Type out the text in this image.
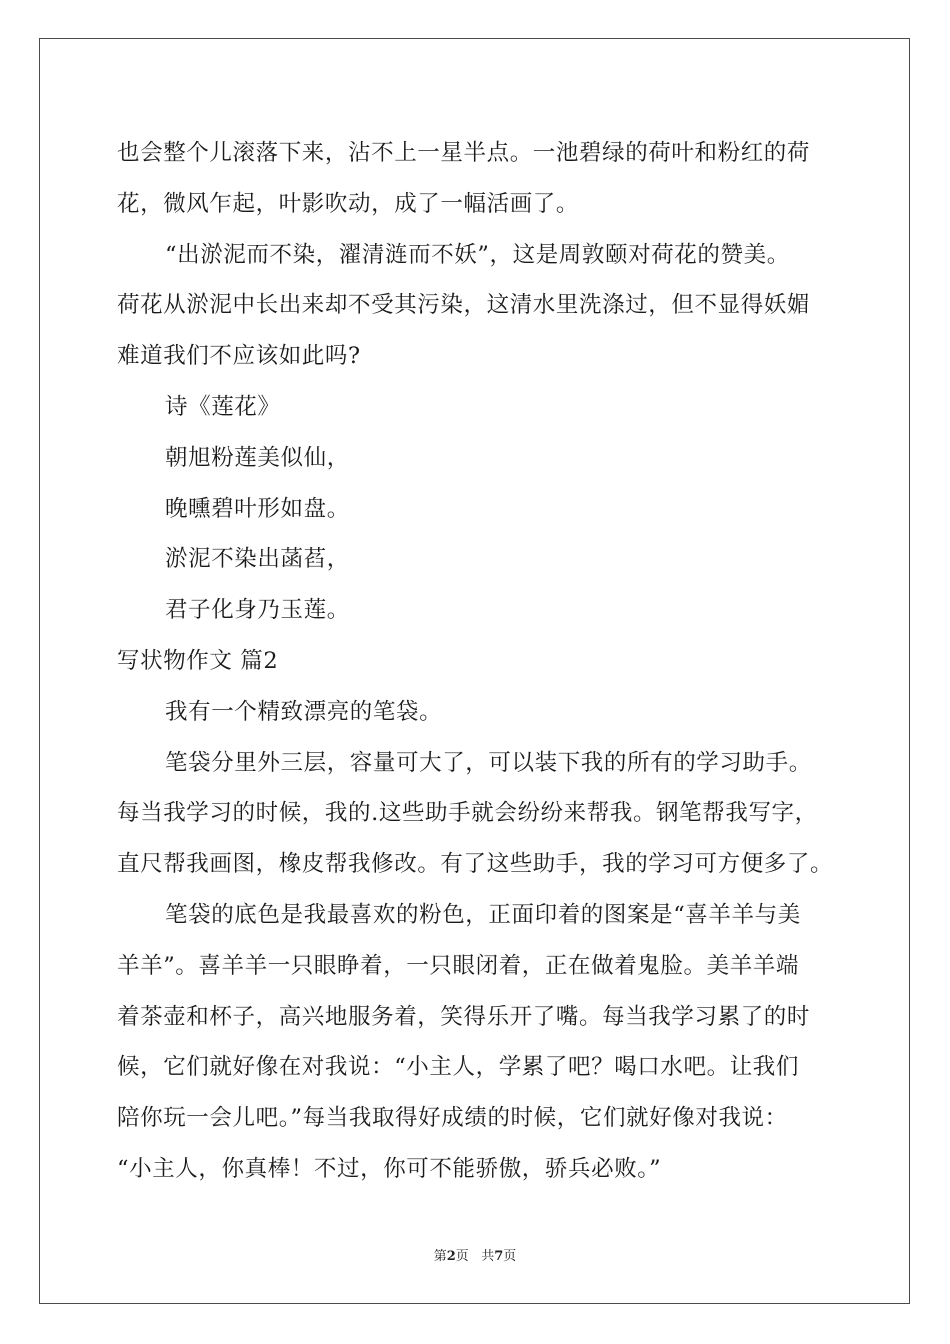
也会整个儿滚落下来，沾不上一星半点。一池碧绿的荷叶和粉红的荷
花，微风乍起，叶影吹动，成了一幅活画了。
“出淤泥而不染，濯清涟而不妖”，这是周敦颐对荷花的赞美。
荷花从淤泥中长出来却不受其污染，这清水里洗涤过，但不显得妖媚
难道我们不应该如此吗?
诗《莲花》
朝旭粉莲美似仙，
晚曛碧叶形如盘。
淤泥不染出菡萏，
君子化身乃玉莲。
写状物作文 篇2
我有一个精致漂亮的笔袋。
笔袋分里外三层，容量可大了，可以装下我的所有的学习助手。
每当我学习的时候，我的.这些助手就会纷纷来帮我。钢笔帮我写字，
直尺帮我画图，橡皮帮我修改。有了这些助手，我的学习可方便多了。
笔袋的底色是我最喜欢的粉色，正面印着的图案是“喜羊羊与美
羊羊”。喜羊羊一只眼睁着，一只眼闭着，正在做着鬼脸。美羊羊端
着茶壶和杯子，高兴地服务着，笑得乐开了嘴。每当我学习累了的时
候，它们就好像在对我说：“小主人，学累了吧？喝口水吧。让我们
陪你玩一会儿吧。”每当我取得好成绩的时候，它们就好像对我说：
“小主人，你真棒！不过，你可不能骄傲，骄兵必败。”
第2页 共7页
